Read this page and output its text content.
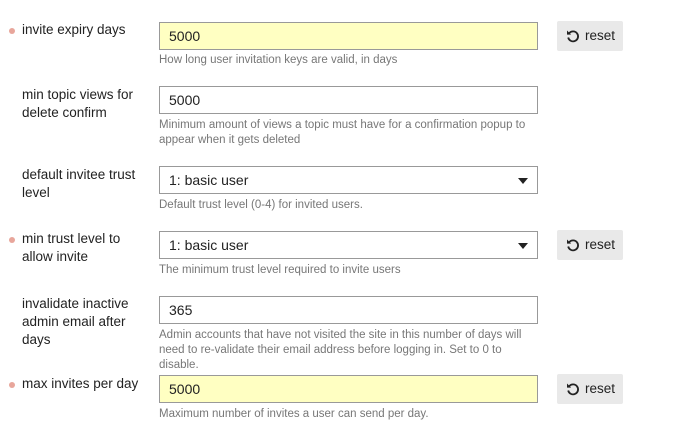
invite expiry days	5000
How long user invitation keys are valid, in days
reset
min topic views for delete confirm
5000
Minimum amount of views a topic must have for a confirmation popup to appear when it gets deleted
default invitee trust level
1: basic user
Default trust level (0-4) for invited users.
min trust level to allow invite
1: basic user
The minimum trust level required to invite users
reset
invalidate inactive admin email after days
365
Admin accounts that have not visited the site in this number of days will need to re-validate their email address before logging in. Set to 0 to disable.
max invites per day	5000
Maximum number of invites a user can send per day.
reset
